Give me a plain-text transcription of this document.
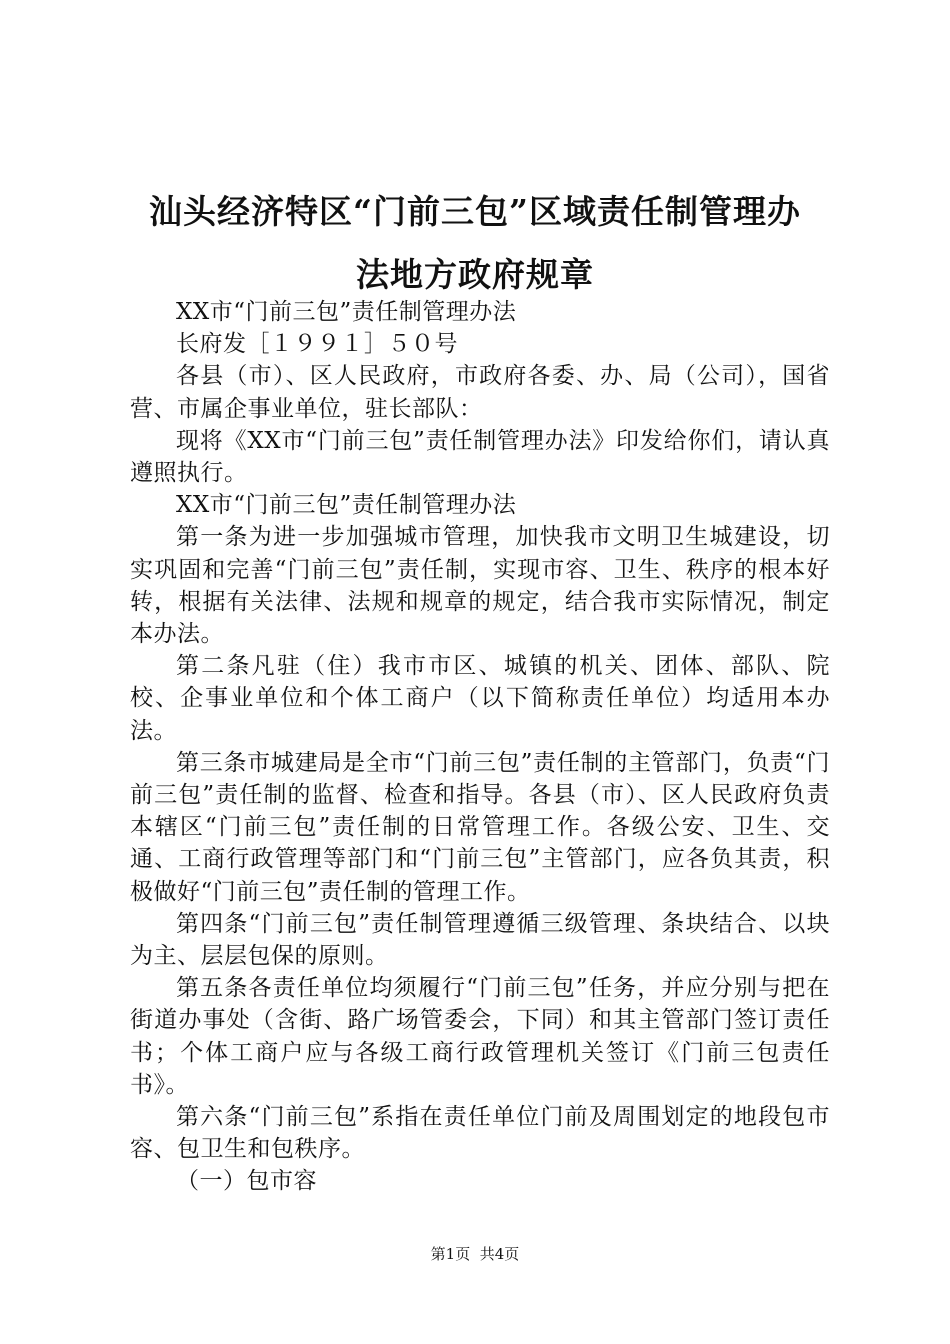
汕头经济特区“门前三包”区域责任制管理办
法地方政府规章

XX市“门前三包”责任制管理办法

长府发［１９９１］５０号

各县（市）、区人民政府，市政府各委、办、局（公司），国省营、市属企事业单位，驻长部队：

现将《XX市“门前三包”责任制管理办法》印发给你们，请认真遵照执行。

XX市“门前三包”责任制管理办法

第一条为进一步加强城市管理，加快我市文明卫生城建设，切实巩固和完善“门前三包”责任制，实现市容、卫生、秩序的根本好转，根据有关法律、法规和规章的规定，结合我市实际情况，制定本办法。

第二条凡驻（住）我市市区、城镇的机关、团体、部队、院校、企事业单位和个体工商户（以下简称责任单位）均适用本办法。

第三条市城建局是全市“门前三包”责任制的主管部门，负责“门前三包”责任制的监督、检查和指导。各县（市）、区人民政府负责本辖区“门前三包”责任制的日常管理工作。各级公安、卫生、交通、工商行政管理等部门和“门前三包”主管部门，应各负其责，积极做好“门前三包”责任制的管理工作。

第四条“门前三包”责任制管理遵循三级管理、条块结合、以块为主、层层包保的原则。

第五条各责任单位均须履行“门前三包”任务，并应分别与把在街道办事处（含街、路广场管委会，下同）和其主管部门签订责任书；个体工商户应与各级工商行政管理机关签订《门前三包责任书》。

第六条“门前三包”系指在责任单位门前及周围划定的地段包市容、包卫生和包秩序。

（一）包市容

第1页 共4页
